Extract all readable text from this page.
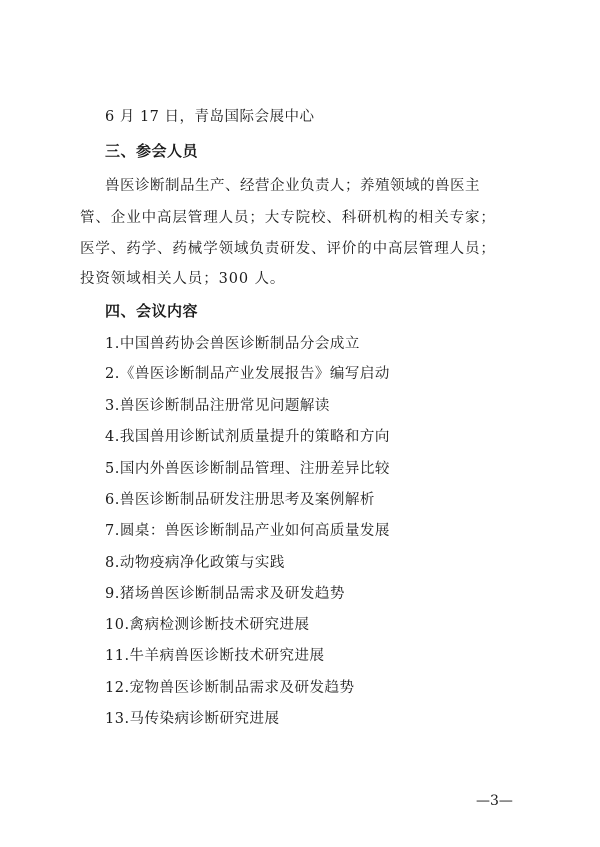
6 月 17 日，青岛国际会展中心
三、参会人员
兽医诊断制品生产、经营企业负责人；养殖领域的兽医主
管、企业中高层管理人员；大专院校、科研机构的相关专家；
医学、药学、药械学领域负责研发、评价的中高层管理人员；
投资领域相关人员；300 人。
四、会议内容
1.中国兽药协会兽医诊断制品分会成立
2.《兽医诊断制品产业发展报告》编写启动
3.兽医诊断制品注册常见问题解读
4.我国兽用诊断试剂质量提升的策略和方向
5.国内外兽医诊断制品管理、注册差异比较
6.兽医诊断制品研发注册思考及案例解析
7.圆桌：兽医诊断制品产业如何高质量发展
8.动物疫病净化政策与实践
9.猪场兽医诊断制品需求及研发趋势
10.禽病检测诊断技术研究进展
11.牛羊病兽医诊断技术研究进展
12.宠物兽医诊断制品需求及研发趋势
13.马传染病诊断研究进展
—3—
